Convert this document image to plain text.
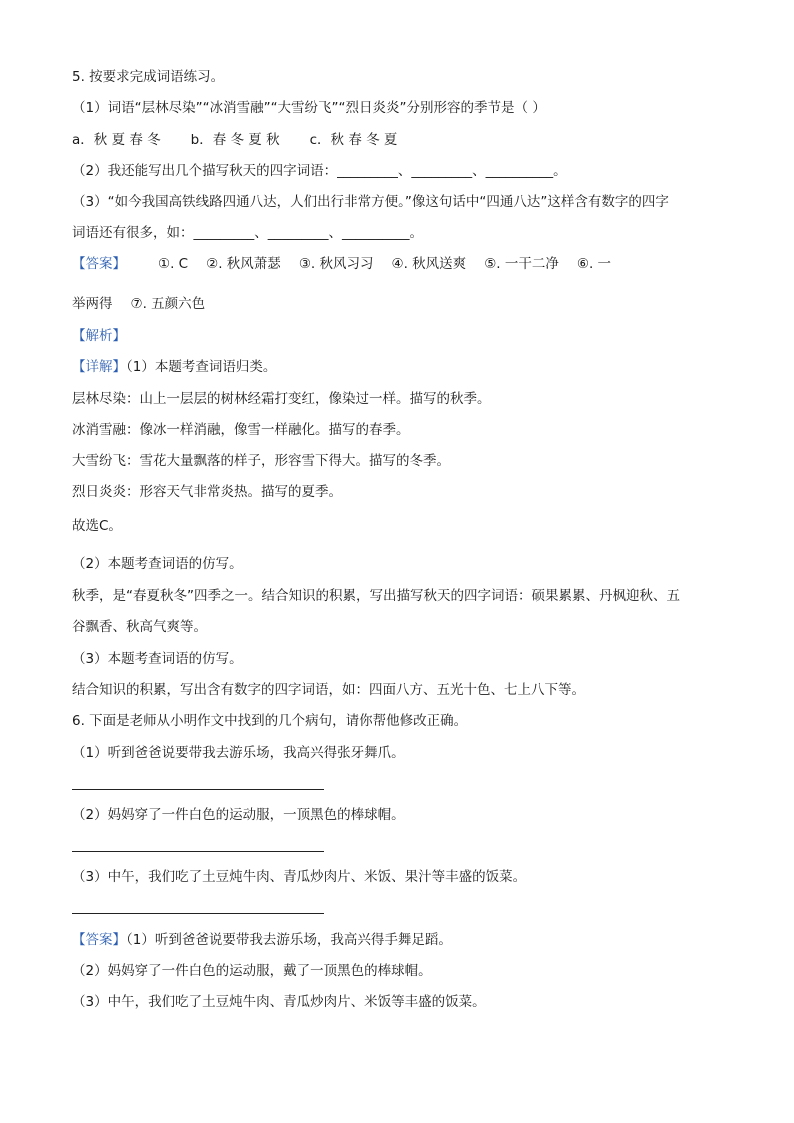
5. 按要求完成词语练习。
（1）词语“层林尽染”“冰消雪融”“大雪纷飞”“烈日炎炎”分别形容的季节是（ ）
a．秋 夏 春 冬 b．春 冬 夏 秋 c．秋 春 冬 夏
（2）我还能写出几个描写秋天的四字词语：_________、_________、__________。
（3）“如今我国高铁线路四通八达，人们出行非常方便。”像这句话中“四通八达”这样含有数字的四字
词语还有很多，如：_________、_________、__________。
【答案】 ①. C ②. 秋风萧瑟 ③. 秋风习习 ④. 秋风送爽 ⑤. 一干二净 ⑥. 一
举两得 ⑦. 五颜六色
【解析】
【详解】（1）本题考查词语归类。
层林尽染：山上一层层的树林经霜打变红，像染过一样。描写的秋季。
冰消雪融：像冰一样消融，像雪一样融化。描写的春季。
大雪纷飞：雪花大量飘落的样子，形容雪下得大。描写的冬季。
烈日炎炎：形容天气非常炎热。描写的夏季。
故选C。
（2）本题考查词语的仿写。
秋季，是“春夏秋冬”四季之一。结合知识的积累，写出描写秋天的四字词语：硕果累累、丹枫迎秋、五
谷飘香、秋高气爽等。
（3）本题考查词语的仿写。
结合知识的积累，写出含有数字的四字词语，如：四面八方、五光十色、七上八下等。
6. 下面是老师从小明作文中找到的几个病句，请你帮他修改正确。
（1）听到爸爸说要带我去游乐场，我高兴得张牙舞爪。
（2）妈妈穿了一件白色的运动服，一顶黑色的棒球帽。
（3）中午，我们吃了土豆炖牛肉、青瓜炒肉片、米饭、果汁等丰盛的饭菜。
【答案】（1）听到爸爸说要带我去游乐场，我高兴得手舞足蹈。
（2）妈妈穿了一件白色的运动服，戴了一顶黑色的棒球帽。
（3）中午，我们吃了土豆炖牛肉、青瓜炒肉片、米饭等丰盛的饭菜。
